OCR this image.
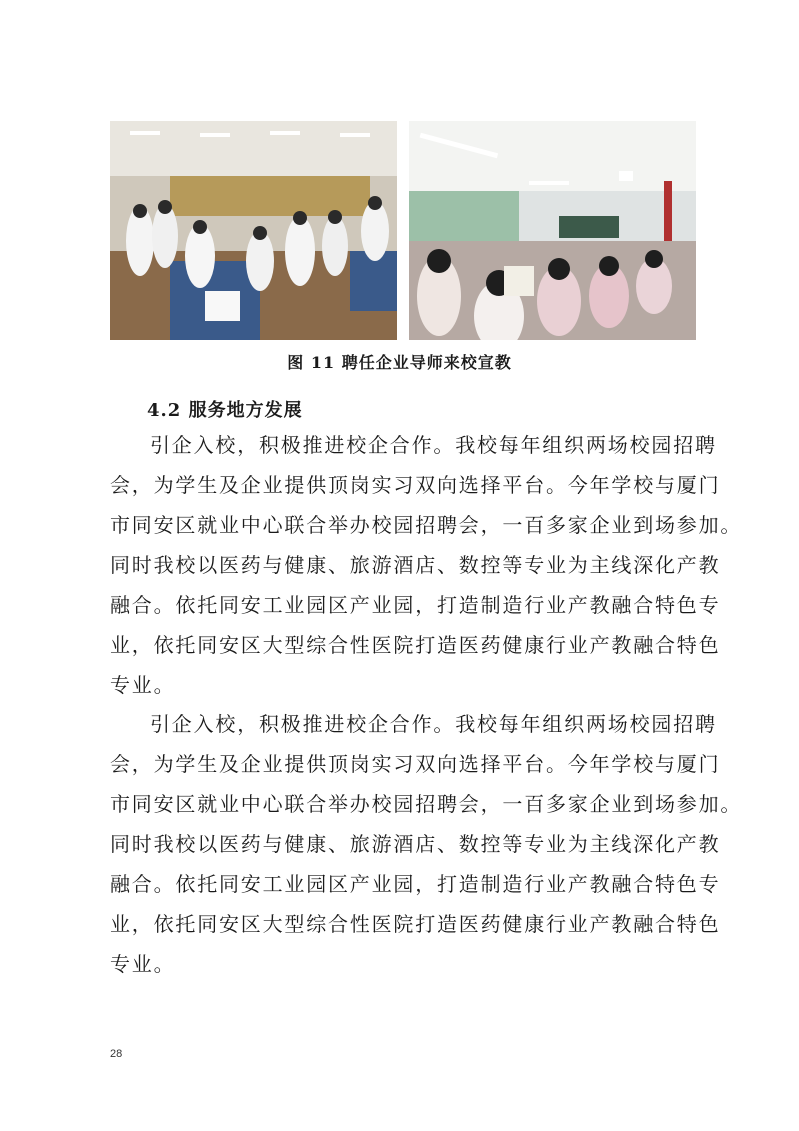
图 11 聘任企业导师来校宣教
4.2 服务地方发展
引企入校，积极推进校企合作。我校每年组织两场校园招聘
会，为学生及企业提供顶岗实习双向选择平台。今年学校与厦门
市同安区就业中心联合举办校园招聘会，一百多家企业到场参加。
同时我校以医药与健康、旅游酒店、数控等专业为主线深化产教
融合。依托同安工业园区产业园，打造制造行业产教融合特色专
业，依托同安区大型综合性医院打造医药健康行业产教融合特色
专业。
引企入校，积极推进校企合作。我校每年组织两场校园招聘
会，为学生及企业提供顶岗实习双向选择平台。今年学校与厦门
市同安区就业中心联合举办校园招聘会，一百多家企业到场参加。
同时我校以医药与健康、旅游酒店、数控等专业为主线深化产教
融合。依托同安工业园区产业园，打造制造行业产教融合特色专
业，依托同安区大型综合性医院打造医药健康行业产教融合特色
专业。
28
